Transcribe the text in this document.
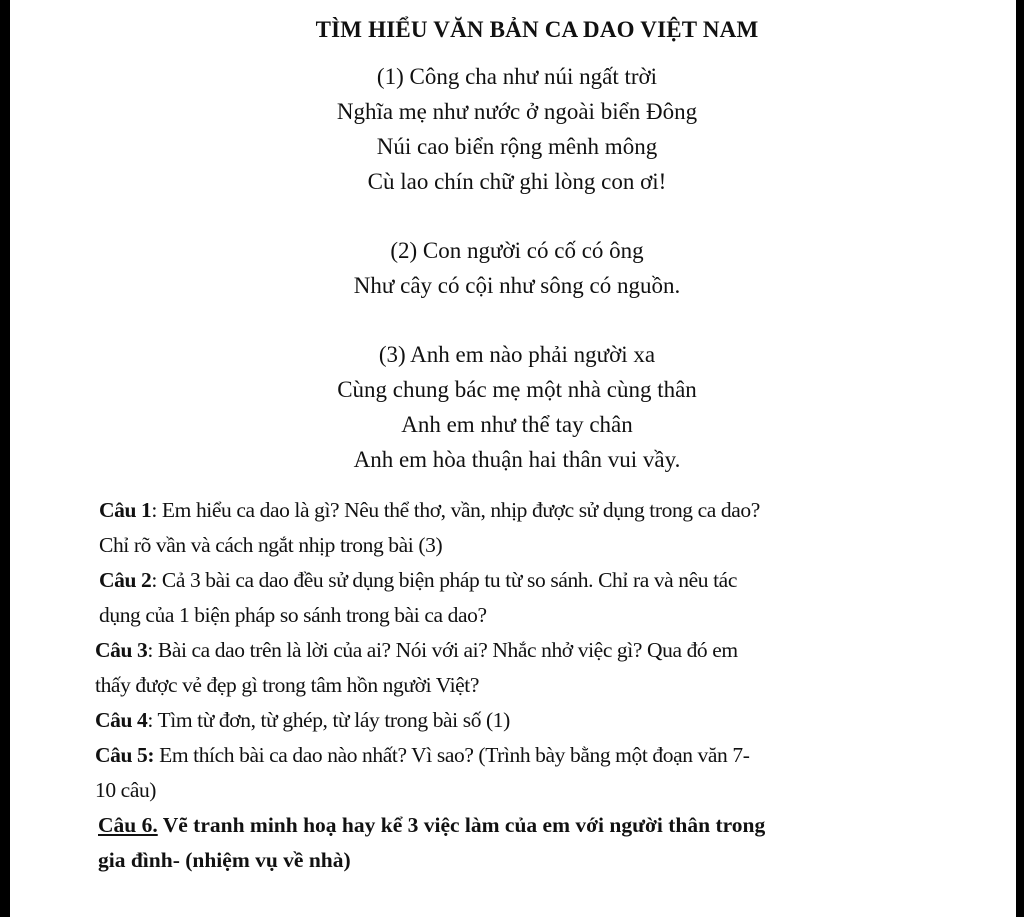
TÌM HIỂU VĂN BẢN CA DAO VIỆT NAM
(1) Công cha như núi ngất trời
Nghĩa mẹ như nước ở ngoài biển Đông
Núi cao biển rộng mênh mông
Cù lao chín chữ ghi lòng con ơi!
(2) Con người có cố có ông
Như cây có cội như sông có nguồn.
(3) Anh em nào phải người xa
Cùng chung bác mẹ một nhà cùng thân
Anh em như thể tay chân
Anh em hòa thuận hai thân vui vầy.
Câu 1: Em hiểu ca dao là gì? Nêu thể thơ, vần, nhịp được sử dụng trong ca dao?
Chỉ rõ vần và cách ngắt nhịp trong bài (3)
Câu 2: Cả 3 bài ca dao đều sử dụng biện pháp tu từ so sánh. Chỉ ra và nêu tác
dụng của 1 biện pháp so sánh trong bài ca dao?
Câu 3: Bài ca dao trên là lời của ai? Nói với ai? Nhắc nhở việc gì? Qua đó em
thấy được vẻ đẹp gì trong tâm hồn người Việt?
Câu 4: Tìm từ đơn, từ ghép, từ láy trong bài số (1)
Câu 5: Em thích bài ca dao nào nhất? Vì sao? (Trình bày bằng một đoạn văn 7-
10 câu)
Câu 6. Vẽ tranh minh hoạ hay kể 3 việc làm của em với người thân trong
gia đình- (nhiệm vụ về nhà)
